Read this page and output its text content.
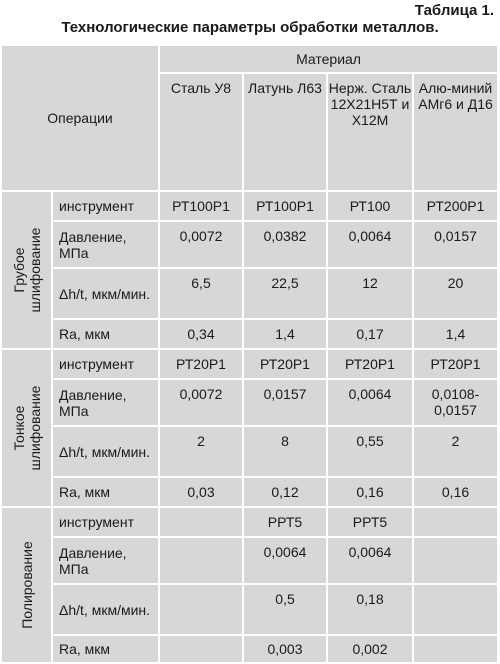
Таблица 1.
Технологические параметры обработки металлов.
Операции		Материал			
		Сталь У8	Латунь Л63	Нерж. Сталь 12Х21Н5Т и Х12М	Алю-миний АМг6 и Д16

Грубое шлифование	инструмент	РТ100Р1	РТ100Р1	РТ100	РТ200Р1
	Давление, МПа	0,0072	0,0382	0,0064	0,0157
	Δh/t, мкм/мин.	6,5	22,5	12	20
	Ra, мкм	0,34	1,4	0,17	1,4

Тонкое шлифование	инструмент	РТ20Р1	РТ20Р1	РТ20Р1	РТ20Р1
	Давление, МПа	0,0072	0,0157	0,0064	0,0108-0,0157
	Δh/t, мкм/мин.	2	8	0,55	2
	Ra, мкм	0,03	0,12	0,16	0,16

Полирование	инструмент		РРТ5	РРТ5	
	Давление, МПа		0,0064	0,0064	
	Δh/t, мкм/мин.		0,5	0,18	
	Ra, мкм		0,003	0,002	
